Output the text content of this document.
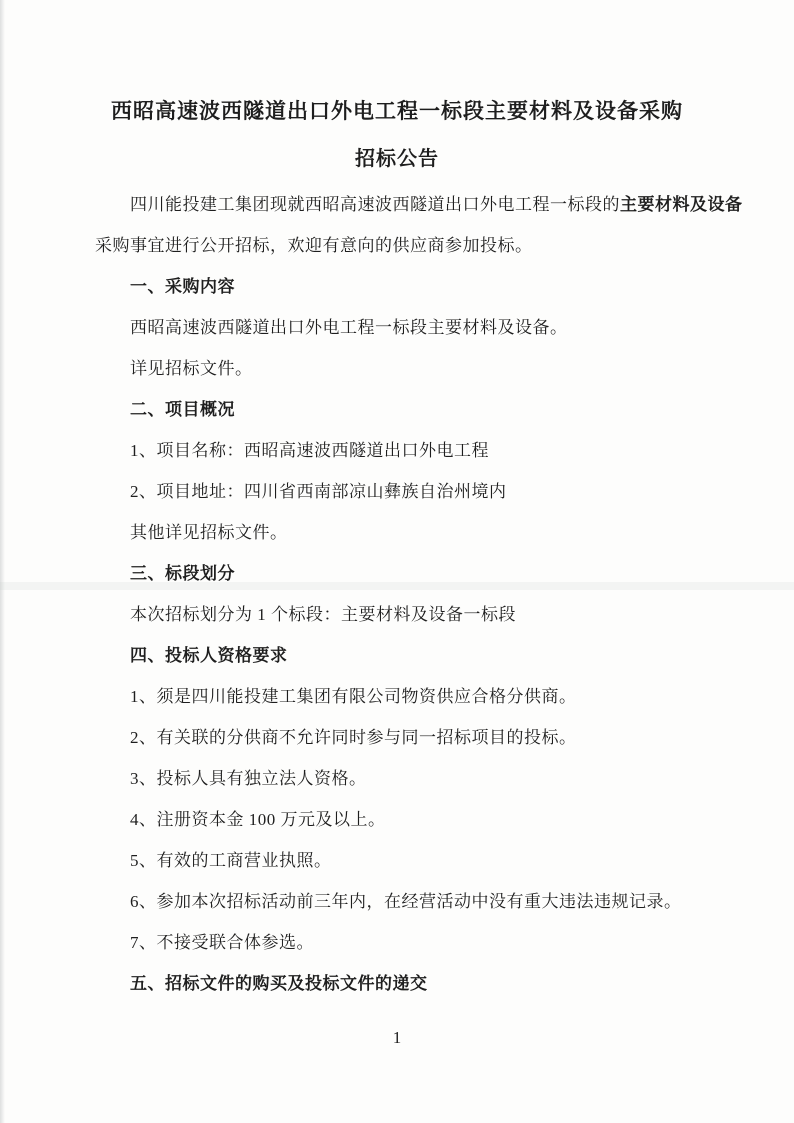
西昭高速波西隧道出口外电工程一标段主要材料及设备采购
招标公告
四川能投建工集团现就西昭高速波西隧道出口外电工程一标段的主要材料及设备
采购事宜进行公开招标，欢迎有意向的供应商参加投标。
一、采购内容
西昭高速波西隧道出口外电工程一标段主要材料及设备。
详见招标文件。
二、项目概况
1、项目名称：西昭高速波西隧道出口外电工程
2、项目地址：四川省西南部凉山彝族自治州境内
其他详见招标文件。
三、标段划分
本次招标划分为 1 个标段：主要材料及设备一标段
四、投标人资格要求
1、须是四川能投建工集团有限公司物资供应合格分供商。
2、有关联的分供商不允许同时参与同一招标项目的投标。
3、投标人具有独立法人资格。
4、注册资本金 100 万元及以上。
5、有效的工商营业执照。
6、参加本次招标活动前三年内，在经营活动中没有重大违法违规记录。
7、不接受联合体参选。
五、招标文件的购买及投标文件的递交
1
